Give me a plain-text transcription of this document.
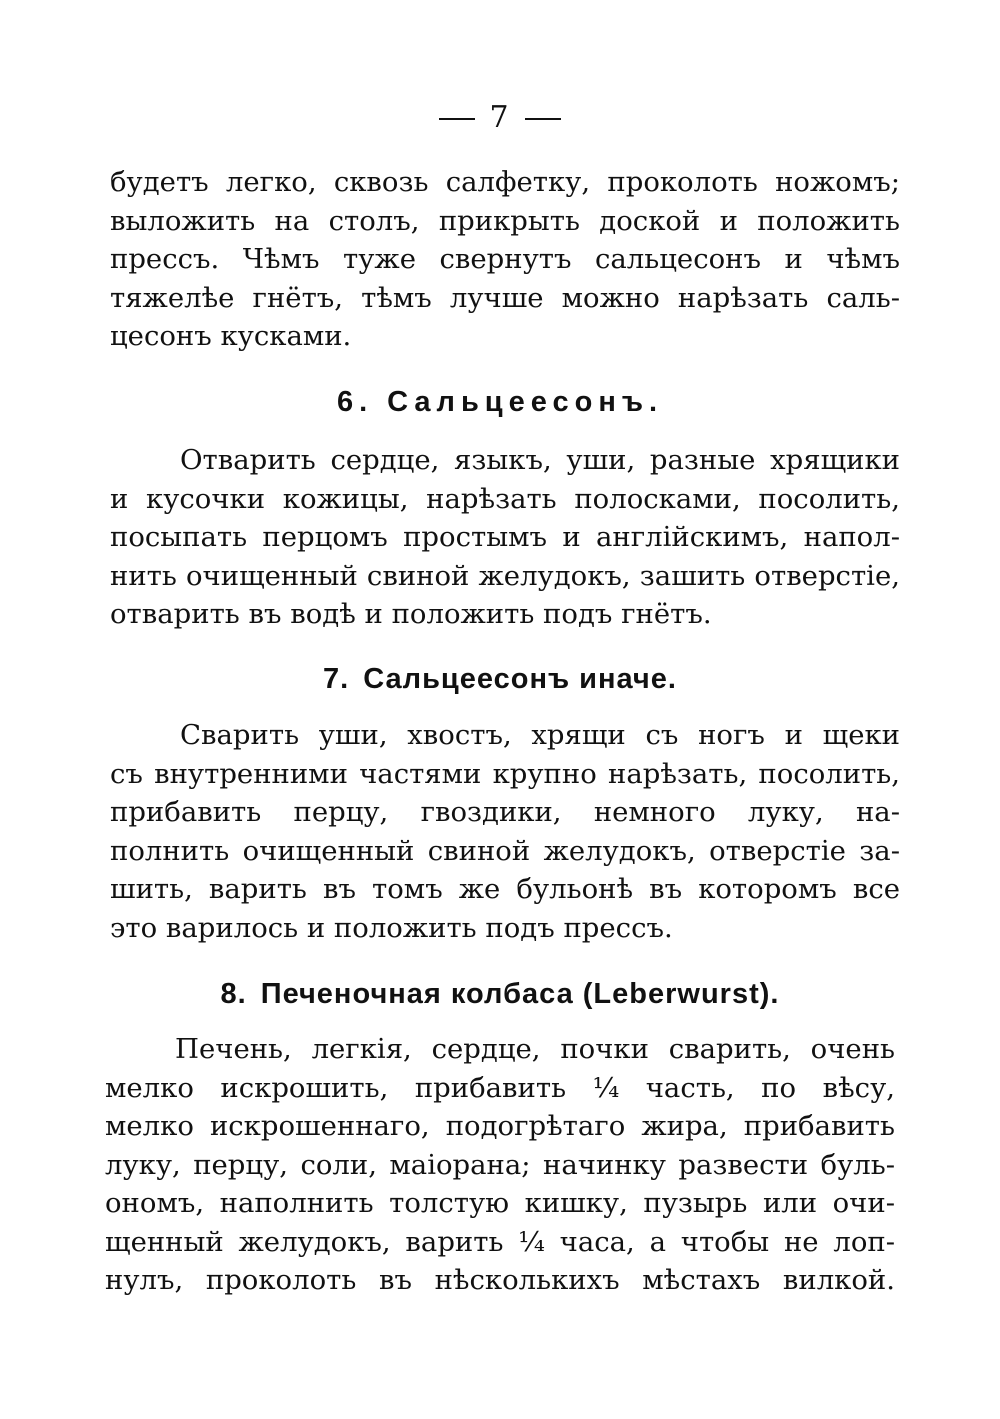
7

будетъ легко, сквозь салфетку, проколоть ножомъ;
выложить на столъ, прикрыть доской и положить
прессъ. Чѣмъ туже свернутъ сальцесонъ и чѣмъ
тяжелѣе гнётъ, тѣмъ лучше можно нарѣзать саль-
цесонъ кусками.

6. Сальцеесонъ.

Отварить сердце, языкъ, уши, разные хрящики
и кусочки кожицы, нарѣзать полосками, посолить,
посыпать перцомъ простымъ и англійскимъ, напол-
нить очищенный свиной желудокъ, зашить отверстіе,
отварить въ водѣ и положить подъ гнётъ.

7. Сальцеесонъ иначе.

Сварить уши, хвостъ, хрящи съ ногъ и щеки
съ внутренними частями крупно нарѣзать, посолить,
прибавить перцу, гвоздики, немного луку, на-
полнить очищенный свиной желудокъ, отверстіе за-
шить, варить въ томъ же бульонѣ въ которомъ все
это варилось и положить подъ прессъ.

8. Печеночная колбаса (Leberwurst).

Печень, легкія, сердце, почки сварить, очень
мелко искрошить, прибавить ¼ часть, по вѣсу,
мелко искрошеннаго, подогрѣтаго жира, прибавить
луку, перцу, соли, маіорана; начинку развести буль-
ономъ, наполнить толстую кишку, пузырь или очи-
щенный желудокъ, варить ¼ часа, а чтобы не лоп-
нулъ, проколоть въ нѣсколькихъ мѣстахъ вилкой.
